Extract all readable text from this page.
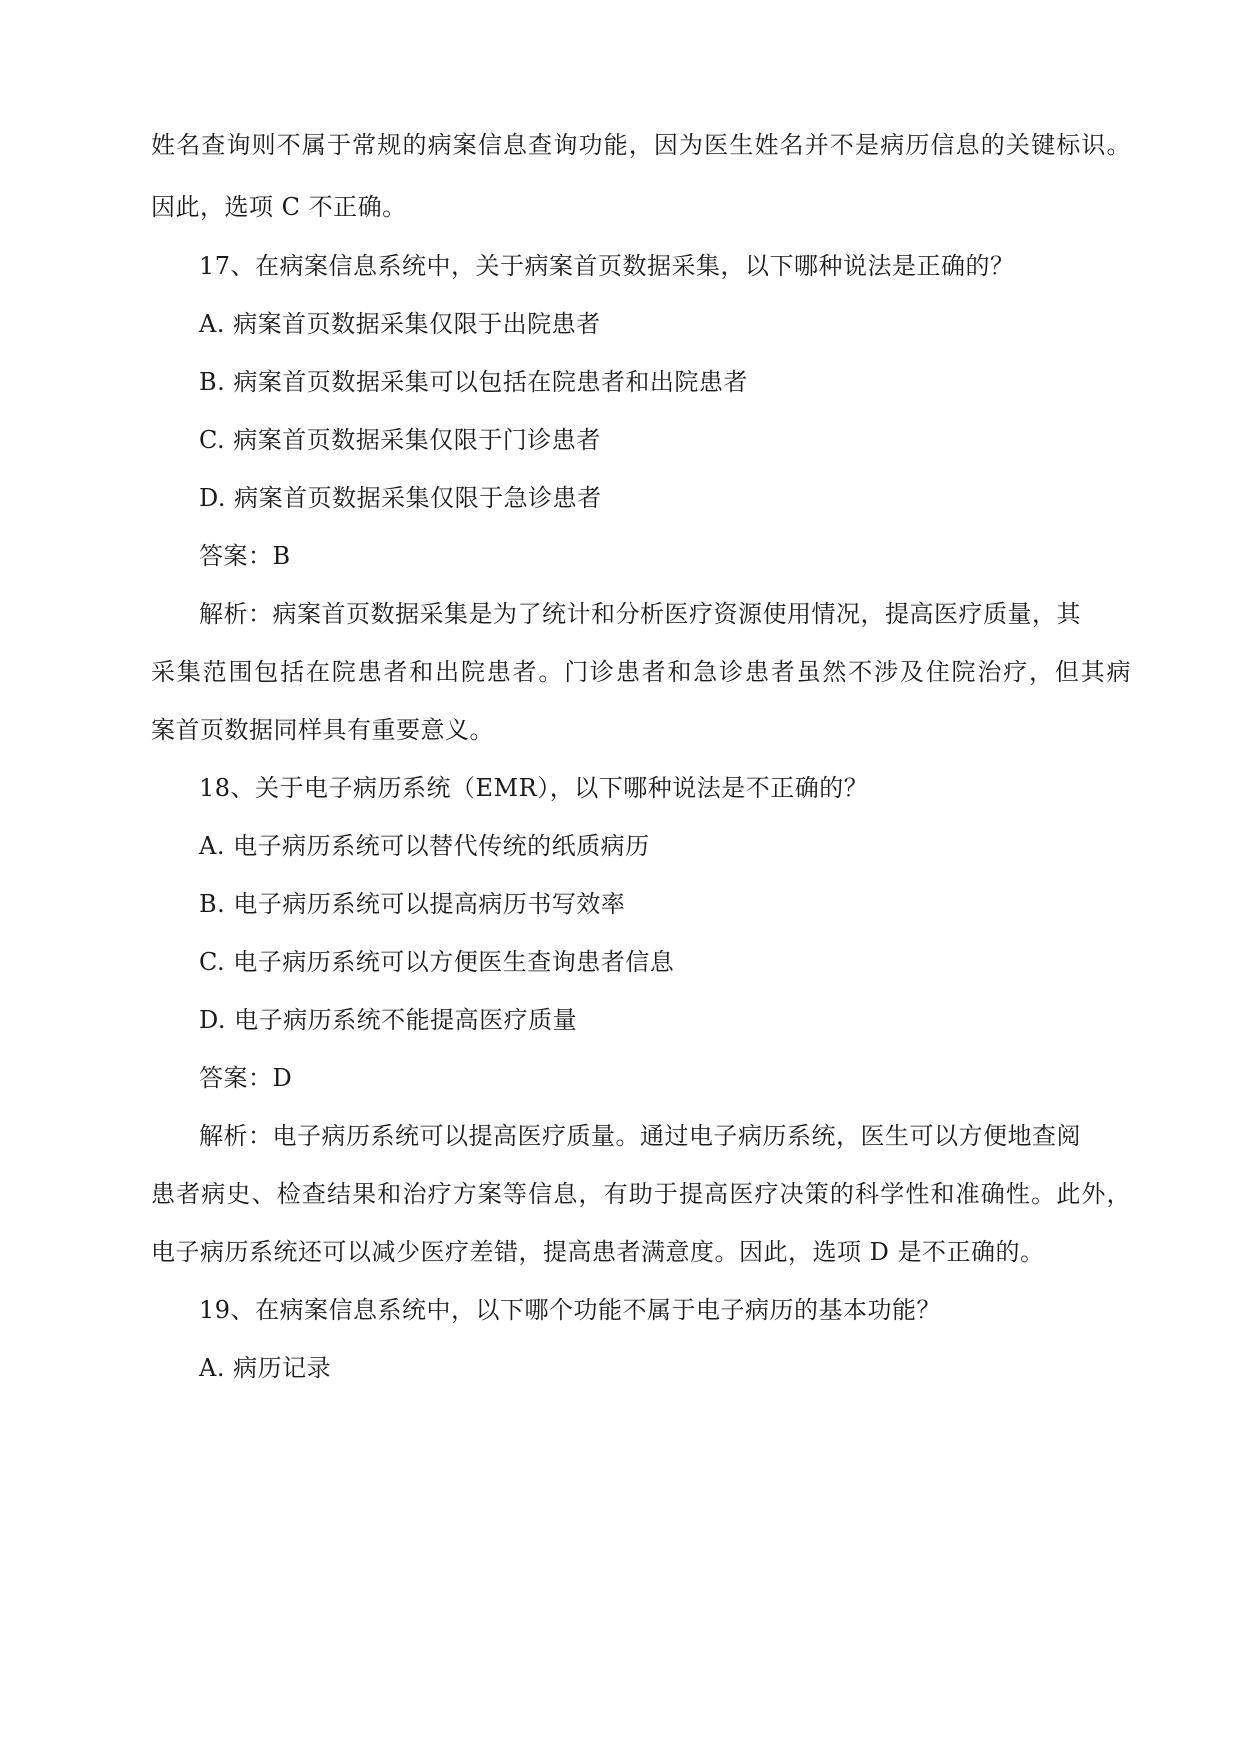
姓名查询则不属于常规的病案信息查询功能，因为医生姓名并不是病历信息的关键标识。
因此，选项 C 不正确。
17、在病案信息系统中，关于病案首页数据采集，以下哪种说法是正确的？
A. 病案首页数据采集仅限于出院患者
B. 病案首页数据采集可以包括在院患者和出院患者
C. 病案首页数据采集仅限于门诊患者
D. 病案首页数据采集仅限于急诊患者
答案：B
解析：病案首页数据采集是为了统计和分析医疗资源使用情况，提高医疗质量，其
采集范围包括在院患者和出院患者。门诊患者和急诊患者虽然不涉及住院治疗，但其病
案首页数据同样具有重要意义。
18、关于电子病历系统（EMR），以下哪种说法是不正确的？
A. 电子病历系统可以替代传统的纸质病历
B. 电子病历系统可以提高病历书写效率
C. 电子病历系统可以方便医生查询患者信息
D. 电子病历系统不能提高医疗质量
答案：D
解析：电子病历系统可以提高医疗质量。通过电子病历系统，医生可以方便地查阅
患者病史、检查结果和治疗方案等信息，有助于提高医疗决策的科学性和准确性。此外，
电子病历系统还可以减少医疗差错，提高患者满意度。因此，选项 D 是不正确的。
19、在病案信息系统中，以下哪个功能不属于电子病历的基本功能？
A. 病历记录
